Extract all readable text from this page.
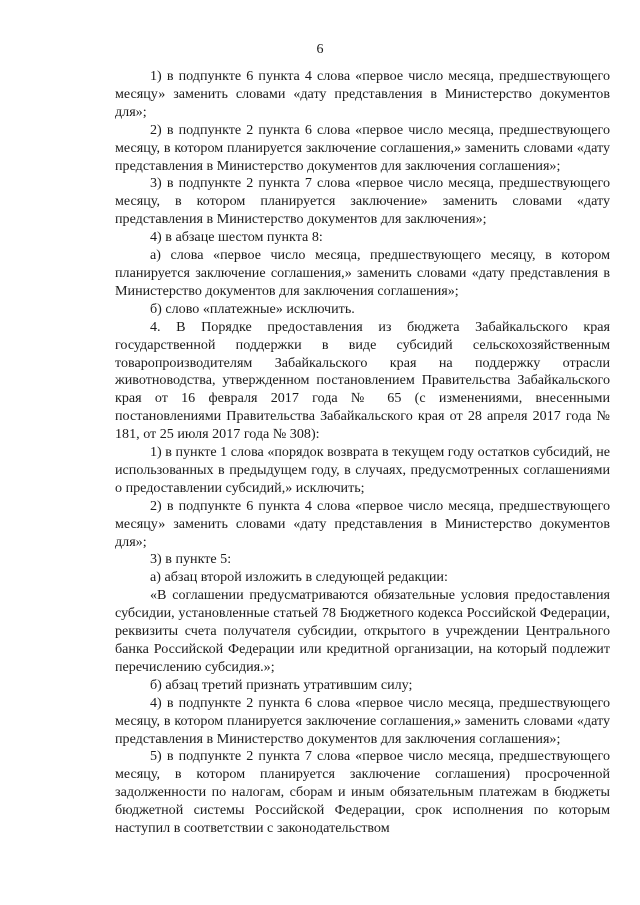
6

1) в подпункте 6 пункта 4 слова «первое число месяца, предшествующего месяцу» заменить словами «дату представления в Министерство документов для»;

2) в подпункте 2 пункта 6 слова «первое число месяца, предшествующего месяцу, в котором планируется заключение соглашения,» заменить словами «дату представления в Министерство документов для заключения соглашения»;

3) в подпункте 2 пункта 7 слова «первое число месяца, предшествующего месяцу, в котором планируется заключение» заменить словами «дату представления в Министерство документов для заключения»;

4) в абзаце шестом пункта 8:

а) слова «первое число месяца, предшествующего месяцу, в котором планируется заключение соглашения,» заменить словами «дату представления в Министерство документов для заключения соглашения»;

б) слово «платежные» исключить.

4. В Порядке предоставления из бюджета Забайкальского края государственной поддержки в виде субсидий сельскохозяйственным товаропроизводителям Забайкальского края на поддержку отрасли животноводства, утвержденном постановлением Правительства Забайкальского края от 16 февраля 2017 года № 65 (с изменениями, внесенными постановлениями Правительства Забайкальского края от 28 апреля 2017 года № 181, от 25 июля 2017 года № 308):

1) в пункте 1 слова «порядок возврата в текущем году остатков субсидий, не использованных в предыдущем году, в случаях, предусмотренных соглашениями о предоставлении субсидий,» исключить;

2) в подпункте 6 пункта 4 слова «первое число месяца, предшествующего месяцу» заменить словами «дату представления в Министерство документов для»;

3) в пункте 5:

а) абзац второй изложить в следующей редакции:

«В соглашении предусматриваются обязательные условия предоставления субсидии, установленные статьей 78 Бюджетного кодекса Российской Федерации, реквизиты счета получателя субсидии, открытого в учреждении Центрального банка Российской Федерации или кредитной организации, на который подлежит перечислению субсидия.»;

б) абзац третий признать утратившим силу;

4) в подпункте 2 пункта 6 слова «первое число месяца, предшествующего месяцу, в котором планируется заключение соглашения,» заменить словами «дату представления в Министерство документов для заключения соглашения»;

5) в подпункте 2 пункта 7 слова «первое число месяца, предшествующего месяцу, в котором планируется заключение соглашения) просроченной задолженности по налогам, сборам и иным обязательным платежам в бюджеты бюджетной системы Российской Федерации, срок исполнения по которым наступил в соответствии с законодательством
